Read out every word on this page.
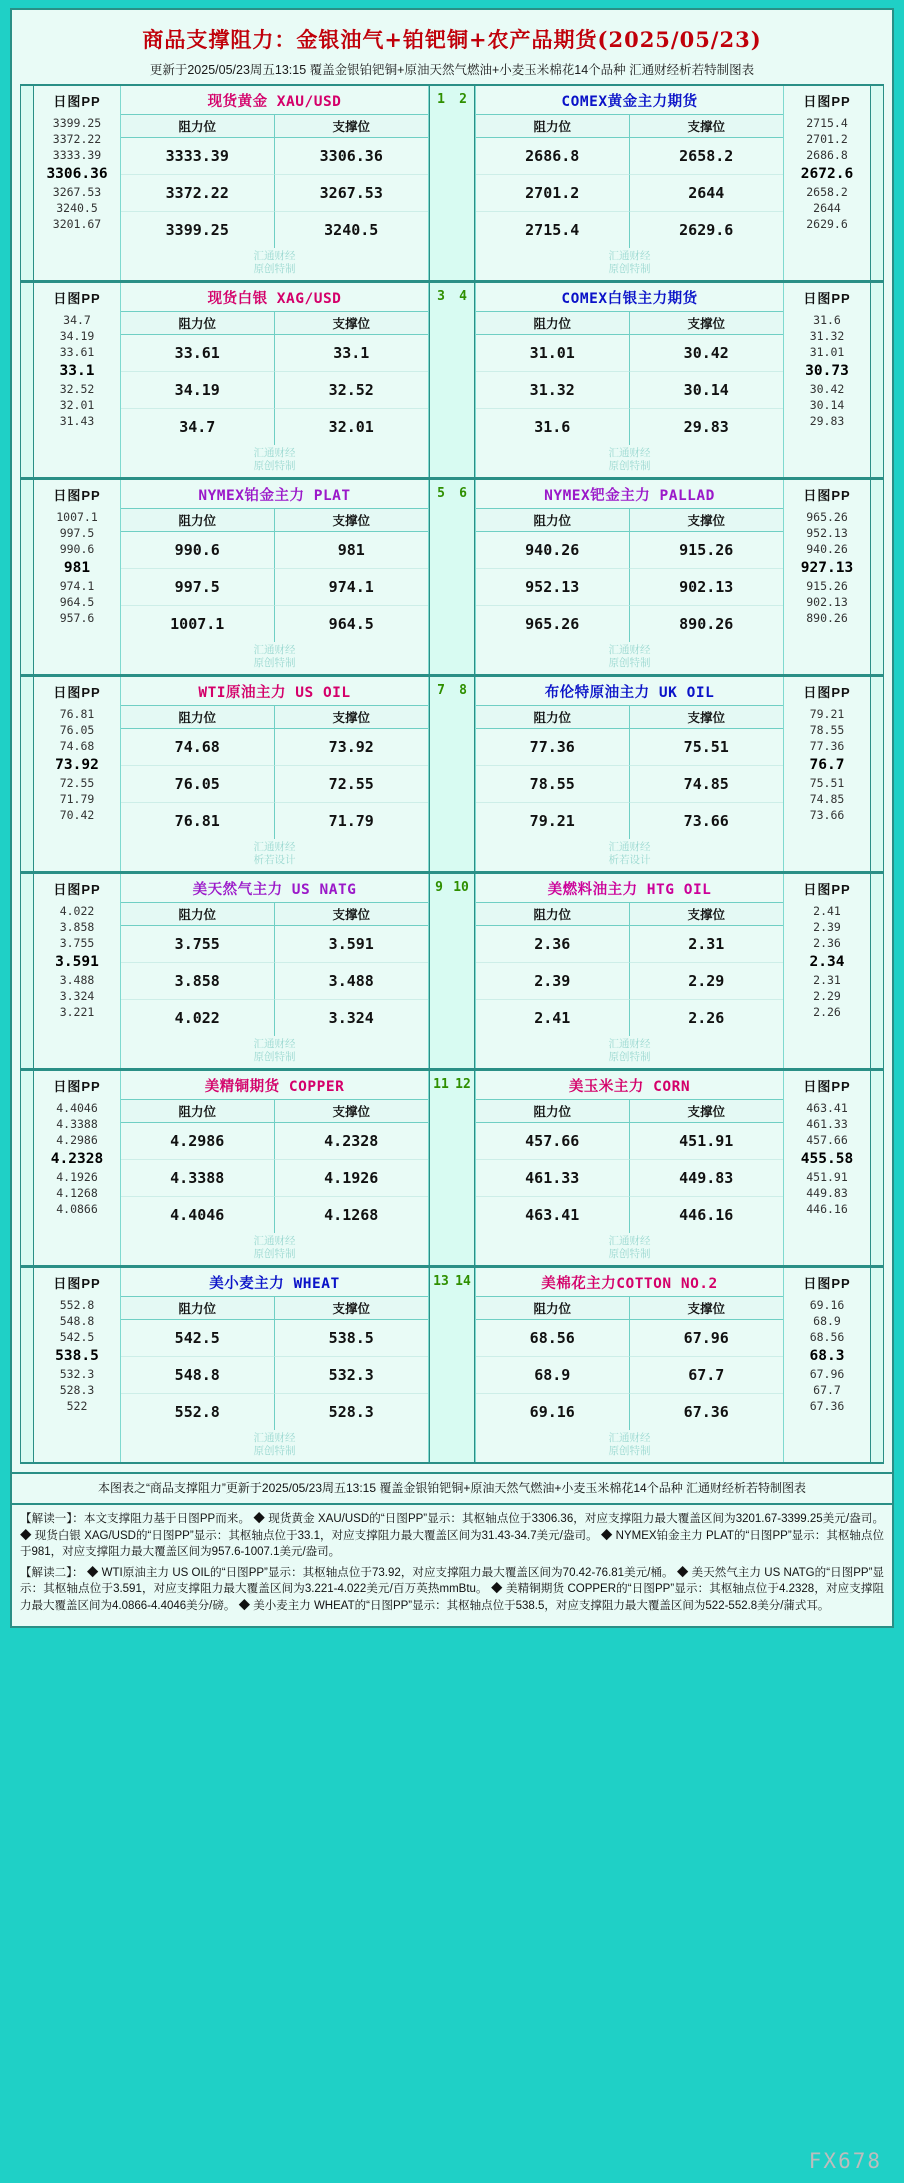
商品支撑阻力：金银油气+铂钯铜+农产品期货(2025/05/23)
更新于2025/05/23周五13:15 覆盖金银铂钯铜+原油天然气燃油+小麦玉米棉花14个品种 汇通财经析若特制图表
日图PP
3399.25
3372.22
3333.39
3306.36
3267.53
3240.5
3201.67
现货黄金 XAU/USD
阻力位	支撑位
3333.39	3306.36
3372.22	3267.53
3399.25	3240.5
汇通财经
原创特制
1 2	COMEX黄金主力期货
阻力位	支撑位
2686.8	2658.2
2701.2	2644
2715.4	2629.6
汇通财经
原创特制
日图PP
2715.4
2701.2
2686.8
2672.6
2658.2
2644
2629.6
日图PP
34.7
34.19
33.61
33.1
32.52
32.01
31.43
现货白银 XAG/USD
阻力位	支撑位
33.61	33.1
34.19	32.52
34.7	32.01
汇通财经
原创特制
3 4	COMEX白银主力期货
阻力位	支撑位
31.01	30.42
31.32	30.14
31.6	29.83
汇通财经
原创特制
日图PP
31.6
31.32
31.01
30.73
30.42
30.14
29.83
日图PP
1007.1
997.5
990.6
981
974.1
964.5
957.6
NYMEX铂金主力 PLAT
阻力位	支撑位
990.6	981
997.5	974.1
1007.1	964.5
汇通财经
原创特制
5 6	NYMEX钯金主力 PALLAD
阻力位	支撑位
940.26	915.26
952.13	902.13
965.26	890.26
汇通财经
原创特制
日图PP
965.26
952.13
940.26
927.13
915.26
902.13
890.26
日图PP
76.81
76.05
74.68
73.92
72.55
71.79
70.42
WTI原油主力 US OIL
阻力位	支撑位
74.68	73.92
76.05	72.55
76.81	71.79
汇通财经
析若设计
7 8	布伦特原油主力 UK OIL
阻力位	支撑位
77.36	75.51
78.55	74.85
79.21	73.66
汇通财经
析若设计
日图PP
79.21
78.55
77.36
76.7
75.51
74.85
73.66
日图PP
4.022
3.858
3.755
3.591
3.488
3.324
3.221
美天然气主力 US NATG
阻力位	支撑位
3.755	3.591
3.858	3.488
4.022	3.324
汇通财经
原创特制
9 10	美燃料油主力 HTG OIL
阻力位	支撑位
2.36	2.31
2.39	2.29
2.41	2.26
汇通财经
原创特制
日图PP
2.41
2.39
2.36
2.34
2.31
2.29
2.26
日图PP
4.4046
4.3388
4.2986
4.2328
4.1926
4.1268
4.0866
美精铜期货 COPPER
阻力位	支撑位
4.2986	4.2328
4.3388	4.1926
4.4046	4.1268
汇通财经
原创特制
11 12	美玉米主力 CORN
阻力位	支撑位
457.66	451.91
461.33	449.83
463.41	446.16
汇通财经
原创特制
日图PP
463.41
461.33
457.66
455.58
451.91
449.83
446.16
日图PP
552.8
548.8
542.5
538.5
532.3
528.3
522
美小麦主力 WHEAT
阻力位	支撑位
542.5	538.5
548.8	532.3
552.8	528.3
汇通财经
原创特制
13 14	美棉花主力COTTON NO.2
阻力位	支撑位
68.56	67.96
68.9	67.7
69.16	67.36
汇通财经
原创特制
日图PP
69.16
68.9
68.56
68.3
67.96
67.7
67.36
本图表之“商品支撑阻力”更新于2025/05/23周五13:15 覆盖金银铂钯铜+原油天然气燃油+小麦玉米棉花14个品种 汇通财经析若特制图表

【解读一】：本文支撑阻力基于日图PP而来。 ◆ 现货黄金 XAU/USD的“日图PP”显示：其枢轴点位于3306.36，对应支撑阻力最大覆盖区间为3201.67-3399.25美元/盎司。 ◆ 现货白银 XAG/USD的“日图PP”显示：其枢轴点位于33.1，对应支撑阻力最大覆盖区间为31.43-34.7美元/盎司。 ◆ NYMEX铂金主力 PLAT的“日图PP”显示：其枢轴点位于981，对应支撑阻力最大覆盖区间为957.6-1007.1美元/盎司。

【解读二】： ◆ WTI原油主力 US OIL的“日图PP”显示：其枢轴点位于73.92，对应支撑阻力最大覆盖区间为70.42-76.81美元/桶。 ◆ 美天然气主力 US NATG的“日图PP”显示：其枢轴点位于3.591，对应支撑阻力最大覆盖区间为3.221-4.022美元/百万英热mmBtu。 ◆ 美精铜期货 COPPER的“日图PP”显示：其枢轴点位于4.2328，对应支撑阻力最大覆盖区间为4.0866-4.4046美分/磅。 ◆ 美小麦主力 WHEAT的“日图PP”显示：其枢轴点位于538.5，对应支撑阻力最大覆盖区间为522-552.8美分/蒲式耳。

FX678
